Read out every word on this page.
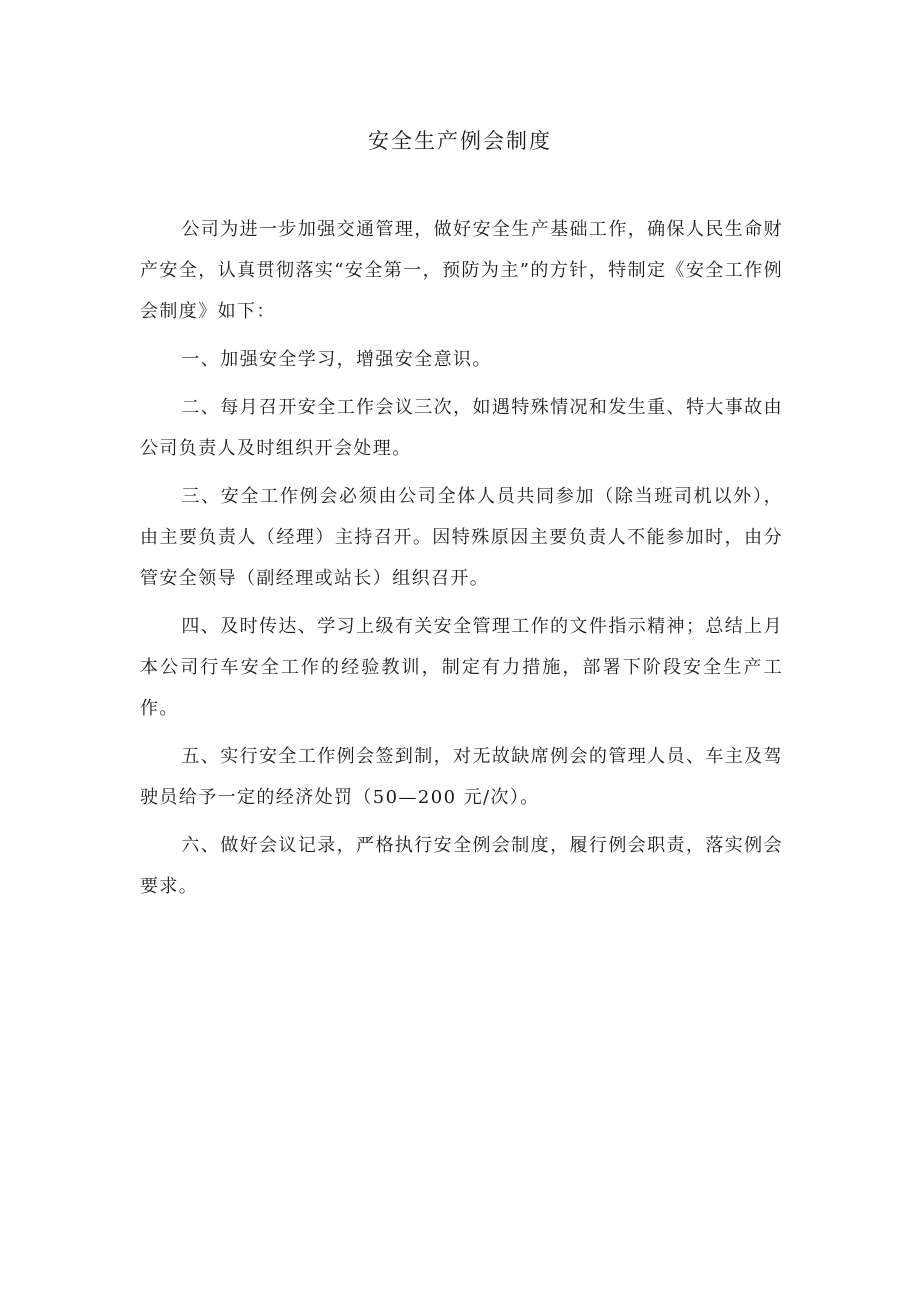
安全生产例会制度

公司为进一步加强交通管理，做好安全生产基础工作，确保人民生命财产安全，认真贯彻落实“安全第一，预防为主”的方针，特制定《安全工作例会制度》如下：

一、加强安全学习，增强安全意识。

二、每月召开安全工作会议三次，如遇特殊情况和发生重、特大事故由公司负责人及时组织开会处理。

三、安全工作例会必须由公司全体人员共同参加（除当班司机以外），由主要负责人（经理）主持召开。因特殊原因主要负责人不能参加时，由分管安全领导（副经理或站长）组织召开。

四、及时传达、学习上级有关安全管理工作的文件指示精神；总结上月本公司行车安全工作的经验教训，制定有力措施，部署下阶段安全生产工作。

五、实行安全工作例会签到制，对无故缺席例会的管理人员、车主及驾驶员给予一定的经济处罚（50—200 元/次）。

六、做好会议记录，严格执行安全例会制度，履行例会职责，落实例会要求。
